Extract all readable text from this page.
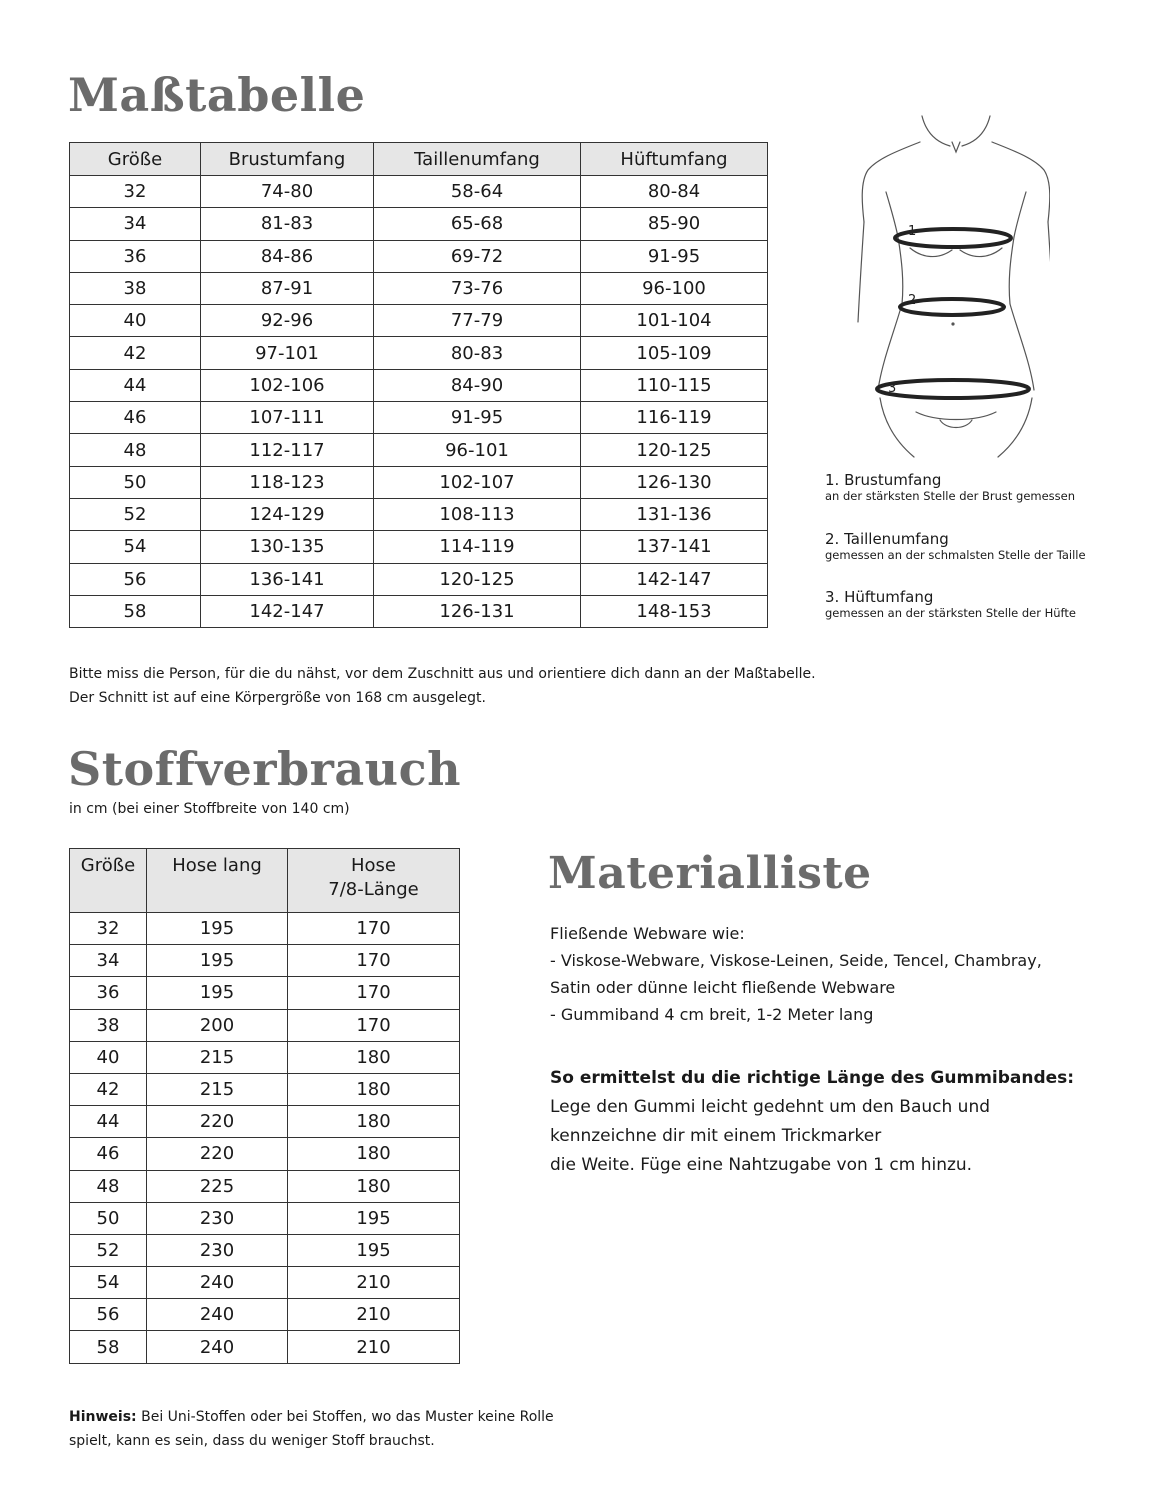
Maßtabelle
Größe	Brustumfang	Taillenumfang	Hüftumfang
32	74-80	58-64	80-84
34	81-83	65-68	85-90
36	84-86	69-72	91-95
38	87-91	73-76	96-100
40	92-96	77-79	101-104
42	97-101	80-83	105-109
44	102-106	84-90	110-115
46	107-111	91-95	116-119
48	112-117	96-101	120-125
50	118-123	102-107	126-130
52	124-129	108-113	131-136
54	130-135	114-119	137-141
56	136-141	120-125	142-147
58	142-147	126-131	148-153
1
2
3
1. Brustumfang
an der stärksten Stelle der Brust gemessen
2. Taillenumfang
gemessen an der schmalsten Stelle der Taille
3. Hüftumfang
gemessen an der stärksten Stelle der Hüfte
Bitte miss die Person, für die du nähst, vor dem Zuschnitt aus und orientiere dich dann an der Maßtabelle.
Der Schnitt ist auf eine Körpergröße von 168 cm ausgelegt.
Stoffverbrauch
in cm (bei einer Stoffbreite von 140 cm)
Größe	Hose lang	Hose
7/8-Länge

32	195	170
34	195	170
36	195	170
38	200	170
40	215	180
42	215	180
44	220	180
46	220	180
48	225	180
50	230	195
52	230	195
54	240	210
56	240	210
58	240	210
Hinweis: Bei Uni-Stoffen oder bei Stoffen, wo das Muster keine Rolle
spielt, kann es sein, dass du weniger Stoff brauchst.
Materialliste
Fließende Webware wie:
- Viskose-Webware, Viskose-Leinen, Seide, Tencel, Chambray,
Satin oder dünne leicht fließende Webware
- Gummiband 4 cm breit, 1-2 Meter lang
So ermittelst du die richtige Länge des Gummibandes:
Lege den Gummi leicht gedehnt um den Bauch und
kennzeichne dir mit einem Trickmarker
die Weite. Füge eine Nahtzugabe von 1 cm hinzu.
